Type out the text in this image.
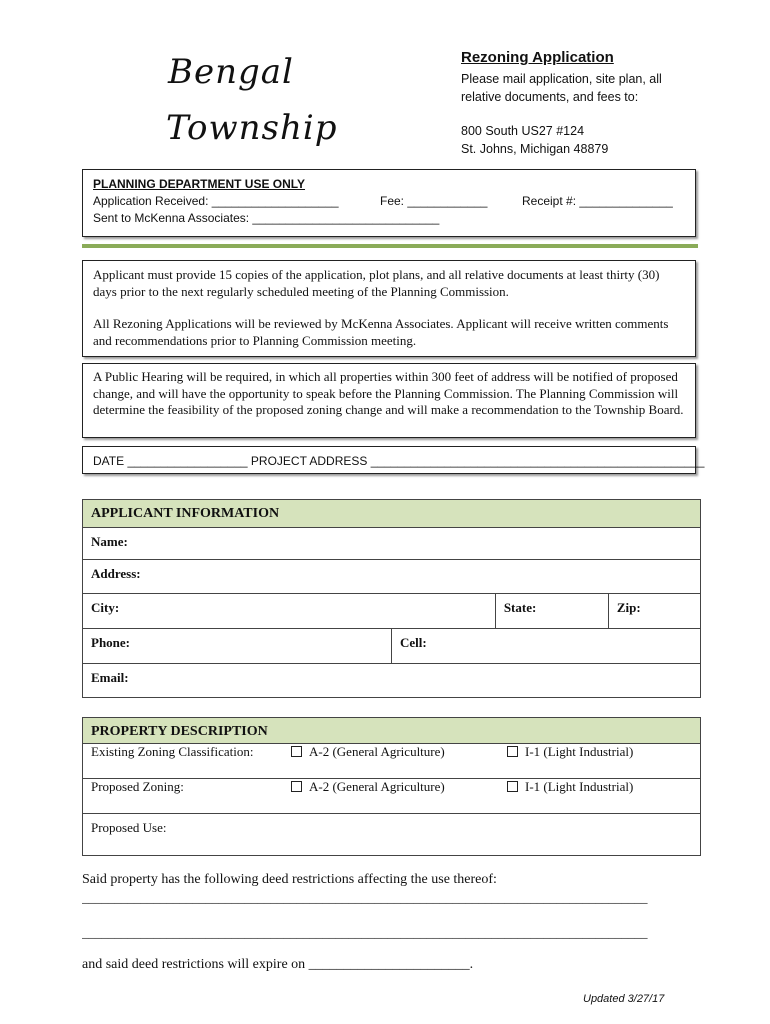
Bengal
Township
Rezoning Application
Please mail application, site plan, all
relative documents, and fees to:
800 South US27 #124
St. Johns, Michigan 48879
PLANNING DEPARTMENT USE ONLY
Application Received: ___________________	Fee: ____________	Receipt #: ______________
Sent to McKenna Associates: ____________________________
Applicant must provide 15 copies of the application, plot plans, and all relative documents at least thirty (30) days prior to the next regularly scheduled meeting of the Planning Commission.
All Rezoning Applications will be reviewed by McKenna Associates. Applicant will receive written comments and recommendations prior to Planning Commission meeting.
A Public Hearing will be required, in which all properties within 300 feet of address will be notified of proposed change, and will have the opportunity to speak before the Planning Commission. The Planning Commission will determine the feasibility of the proposed zoning change and will make a recommendation to the Township Board.
DATE __________________ PROJECT ADDRESS __________________________________________________
APPLICANT INFORMATION			
Name:			
Address:			
City:		State:	Zip:
Phone:	Cell:		
Email:			
PROPERTY DESCRIPTION

Proposed Use:
Existing Zoning Classification:	A-2 (General Agriculture)	I-1 (Light Industrial)
Proposed Zoning:	A-2 (General Agriculture)	I-1 (Light Industrial)
Said property has the following deed restrictions affecting the use thereof:
_______________________________________________________________________________________
_______________________________________________________________________________________
and said deed restrictions will expire on _______________________.
Updated 3/27/17
